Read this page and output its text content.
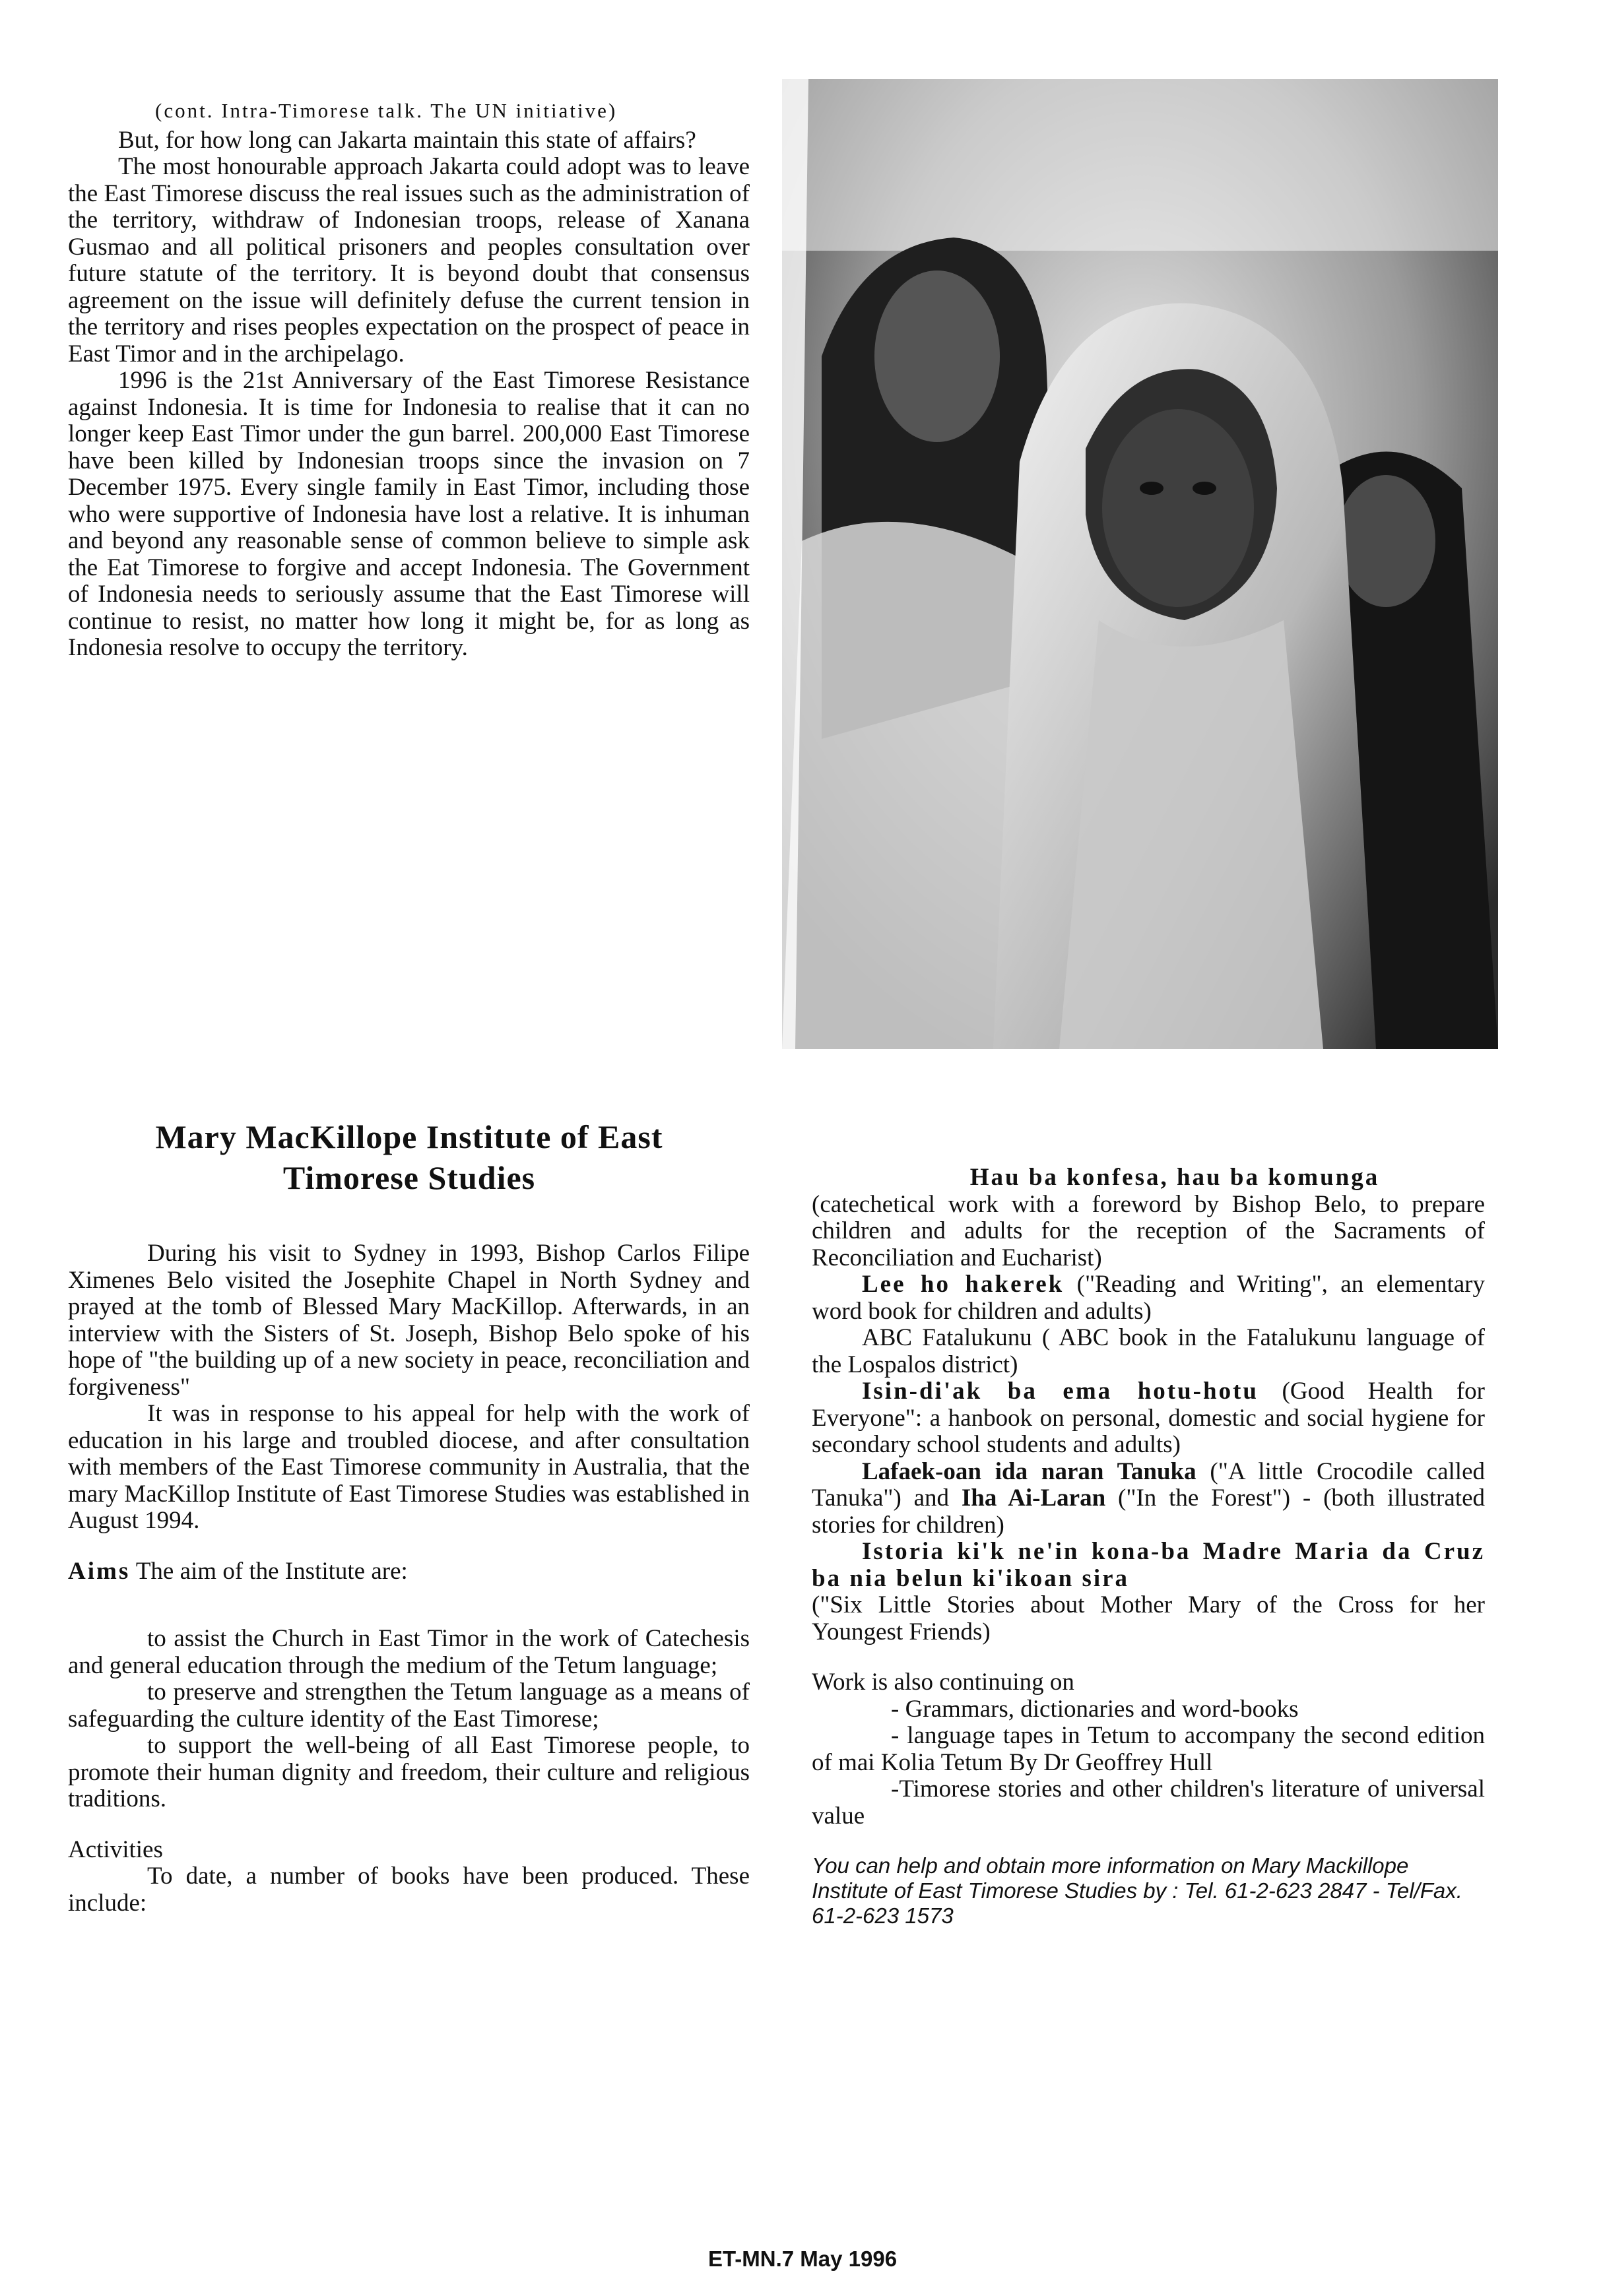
(cont. Intra-Timorese talk. The UN initiative)

But, for how long can Jakarta maintain this state of affairs?

The most honourable approach Jakarta could adopt was to leave the East Timorese discuss the real issues such as the administration of the territory, withdraw of Indonesian troops, release of Xanana Gusmao and all political prisoners and peoples consultation over future statute of the territory. It is beyond doubt that consensus agreement on the issue will definitely defuse the current tension in the territory and rises peoples expectation on the prospect of peace in East Timor and in the archipelago.

1996 is the 21st Anniversary of the East Timorese Resistance against Indonesia. It is time for Indonesia to realise that it can no longer keep East Timor under the gun barrel. 200,000 East Timorese have been killed by Indonesian troops since the invasion on 7 December 1975. Every single family in East Timor, including those who were supportive of Indonesia have lost a relative. It is inhuman and beyond any reasonable sense of common believe to simple ask the Eat Timorese to forgive and accept Indonesia. The Government of Indonesia needs to seriously assume that the East Timorese will continue to resist, no matter how long it might be, for as long as Indonesia resolve to occupy the territory.

Mary MacKillope Institute of East
Timorese Studies

During his visit to Sydney in 1993, Bishop Carlos Filipe Ximenes Belo visited the Josephite Chapel in North Sydney and prayed at the tomb of Blessed Mary MacKillop. Afterwards, in an interview with the Sisters of St. Joseph, Bishop Belo spoke of his hope of "the building up of a new society in peace, reconciliation and forgiveness"

It was in response to his appeal for help with the work of education in his large and troubled diocese, and after consultation with members of the East Timorese community in Australia, that the mary MacKillop Institute of East Timorese Studies was established in August 1994.

Aims The aim of the Institute are:

to assist the Church in East Timor in the work of Catechesis and general education through the medium of the Tetum language;

to preserve and strengthen the Tetum language as a means of safeguarding the culture identity of the East Timorese;

to support the well-being of all East Timorese people, to promote their human dignity and freedom, their culture and religious traditions.

Activities

To date, a number of books have been produced. These include:

Hau ba konfesa, hau ba komunga

(catechetical work with a foreword by Bishop Belo, to prepare children and adults for the reception of the Sacraments of Reconciliation and Eucharist)

Lee ho hakerek ("Reading and Writing", an elementary word book for children and adults)

ABC Fatalukunu ( ABC book in the Fatalukunu language of the Lospalos district)

Isin-di'ak ba ema hotu-hotu (Good Health for Everyone": a hanbook on personal, domestic and social hygiene for secondary school students and adults)

Lafaek-oan ida naran Tanuka ("A little Crocodile called Tanuka") and Iha Ai-Laran ("In the Forest") - (both illustrated stories for children)

Istoria ki'k ne'in kona-ba Madre Maria da Cruz ba nia belun ki'ikoan sira

("Six Little Stories about Mother Mary of the Cross for her Youngest Friends)

Work is also continuing on

- Grammars, dictionaries and word-books

- language tapes in Tetum to accompany the second edition of mai Kolia Tetum By Dr Geoffrey Hull

-Timorese stories and other children's literature of universal value

You can help and obtain more information on Mary Mackillope Institute of East Timorese Studies by : Tel. 61-2-623 2847 - Tel/Fax. 61-2-623 1573

ET-MN.7 May 1996
